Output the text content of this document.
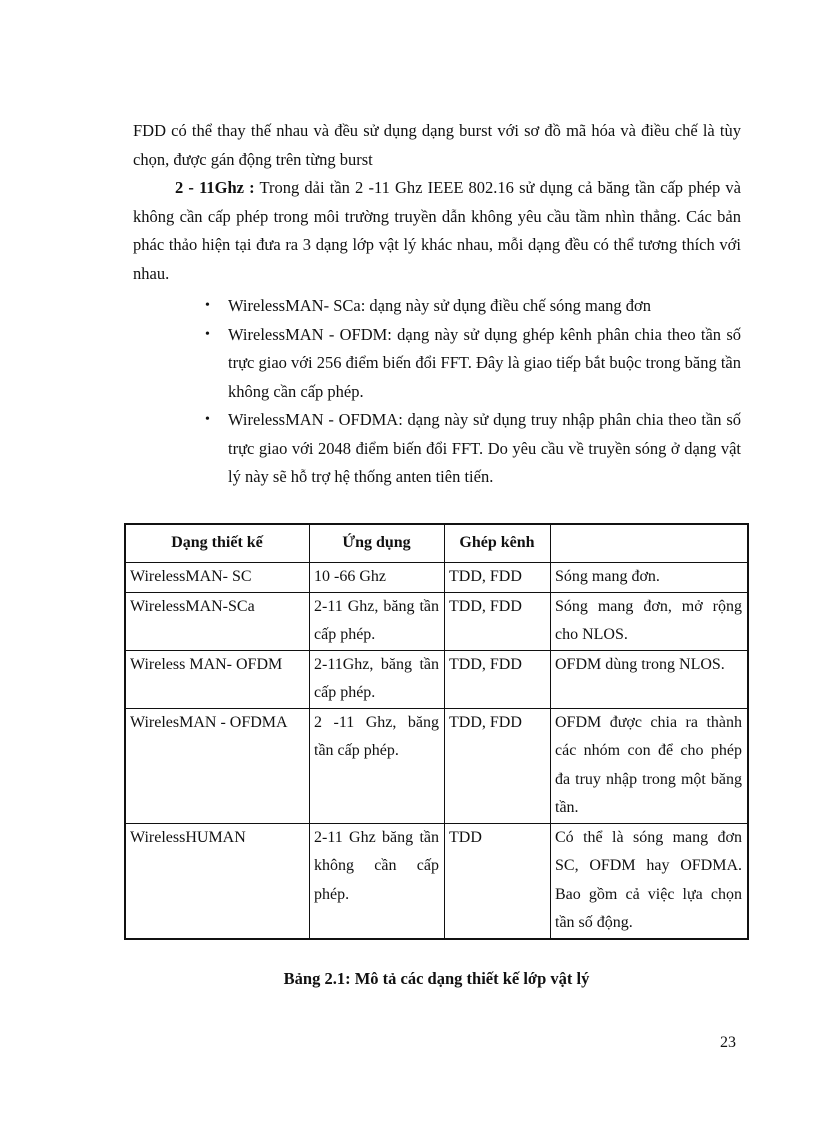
FDD có thể thay thế nhau và đều sử dụng dạng burst với sơ đồ mã hóa và điều chế là tùy chọn, được gán động trên từng burst

2 - 11Ghz : Trong dải tần 2 -11 Ghz IEEE 802.16 sử dụng cả băng tần cấp phép và không cần cấp phép trong môi trường truyền dẫn không yêu cầu tầm nhìn thẳng. Các bản phác thảo hiện tại đưa ra 3 dạng lớp vật lý khác nhau, mỗi dạng đều có thể tương thích với nhau.

• WirelessMAN- SCa: dạng này sử dụng điều chế sóng mang đơn
• WirelessMAN - OFDM: dạng này sử dụng ghép kênh phân chia theo tần số trực giao với 256 điểm biến đổi FFT. Đây là giao tiếp bắt buộc trong băng tần không cần cấp phép.
• WirelessMAN - OFDMA: dạng này sử dụng truy nhập phân chia theo tần số trực giao với 2048 điểm biến đổi FFT. Do yêu cầu về truyền sóng ở dạng vật lý này sẽ hỗ trợ hệ thống anten tiên tiến.
Dạng thiết kế	Ứng dụng	Ghép kênh	
WirelessMAN- SC	10 -66 Ghz	TDD, FDD	Sóng mang đơn.
WirelessMAN-SCa	2-11 Ghz, băng tần cấp phép.	TDD, FDD	Sóng mang đơn, mở rộng cho NLOS.
Wireless MAN- OFDM	2-11Ghz, băng tần cấp phép.	TDD, FDD	OFDM dùng trong NLOS.
WirelesMAN - OFDMA	2 -11 Ghz, băng tần cấp phép.	TDD, FDD	OFDM được chia ra thành các nhóm con để cho phép đa truy nhập trong một băng tần.
WirelessHUMAN	2-11 Ghz băng tần không cần cấp phép.	TDD	Có thể là sóng mang đơn SC, OFDM hay OFDMA. Bao gồm cả việc lựa chọn tần số động.

Bảng 2.1: Mô tả các dạng thiết kế lớp vật lý

23
